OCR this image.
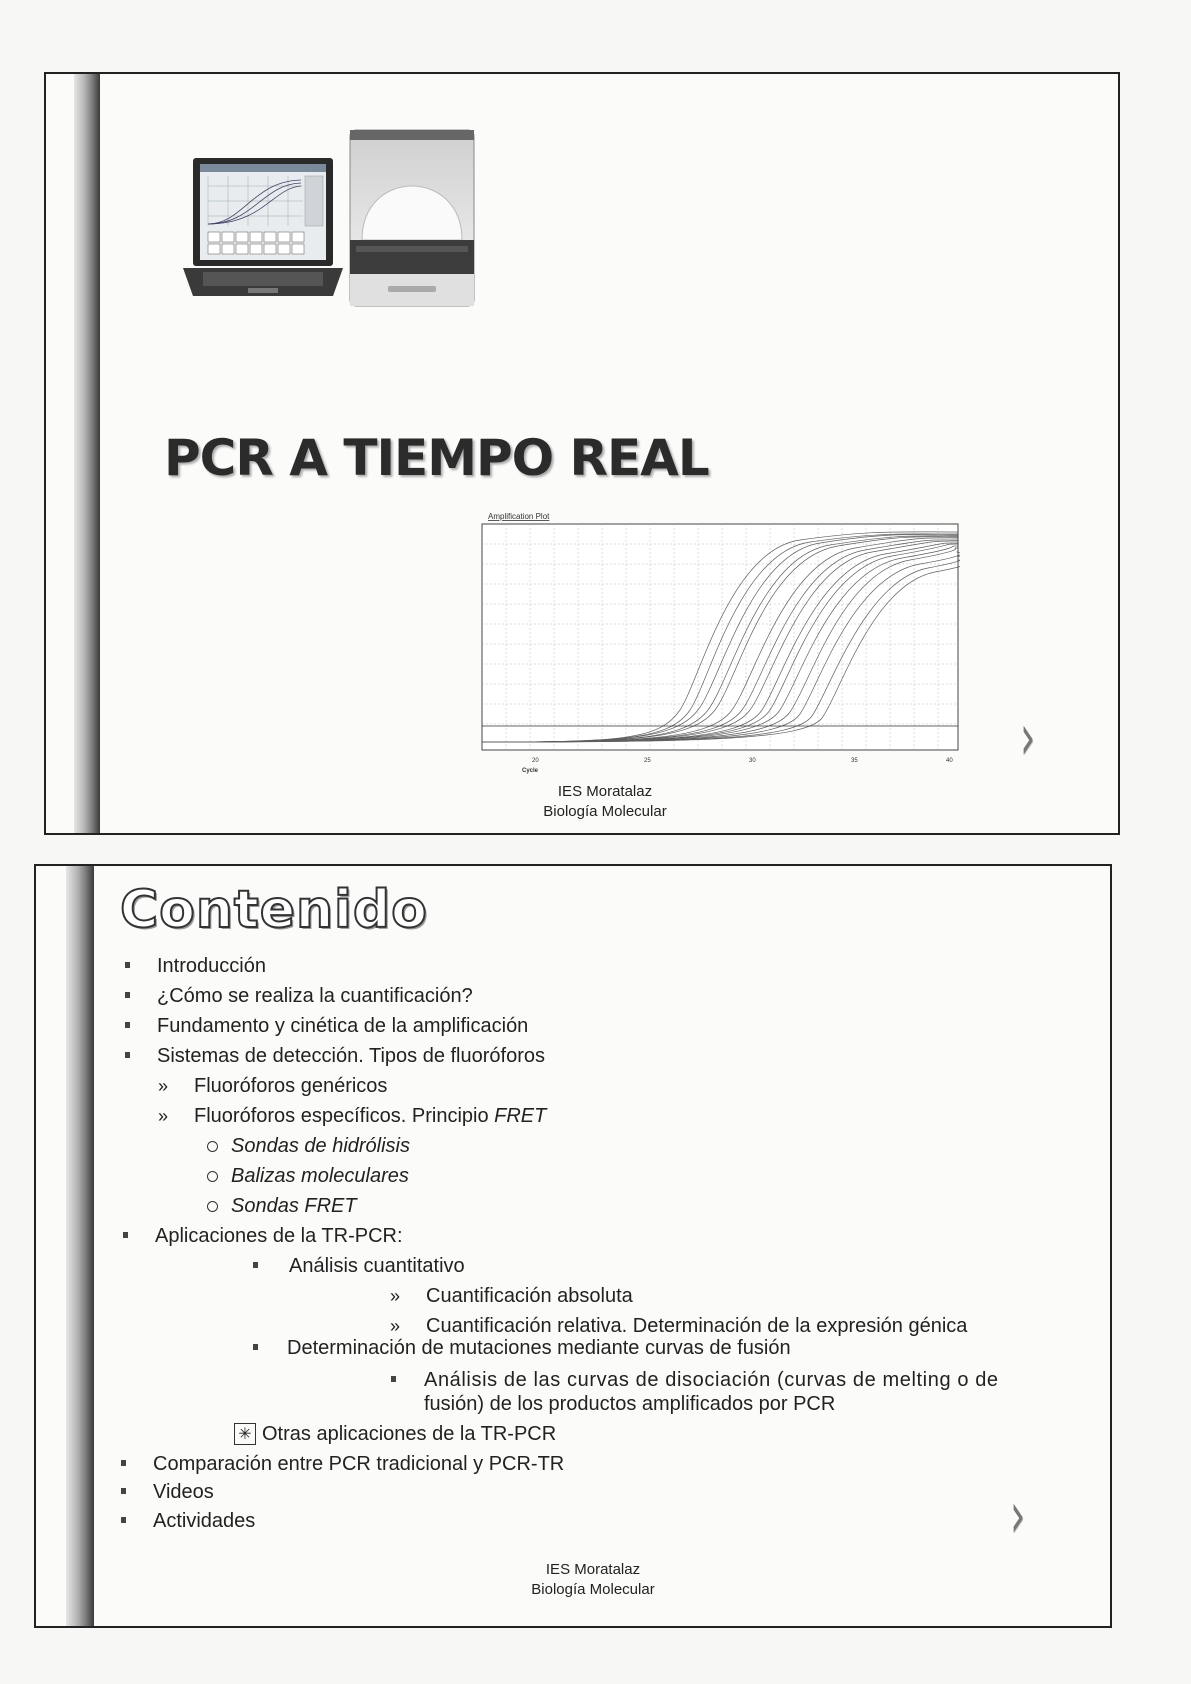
PCR A TIEMPO REAL
Amplification Plot
20	25	30	35	40
Cycle	›
IES Moratalaz
Biología Molecular
Contenido
Introducción
¿Cómo se realiza la cuantificación?
Fundamento y cinética de la amplificación
Sistemas de detección. Tipos de fluoróforos
» Fluoróforos genéricos
» Fluoróforos específicos. Principio FRET
Sondas de hidrólisis
Balizas moleculares
Sondas FRET
Aplicaciones de la TR-PCR:
Análisis cuantitativo
» Cuantificación absoluta
» Cuantificación relativa. Determinación de la expresión génica
Determinación de mutaciones mediante curvas de fusión
Análisis de las curvas de disociación (curvas de melting o de
fusión) de los productos amplificados por PCR
✳ Otras aplicaciones de la TR-PCR
Comparación entre PCR tradicional y PCR-TR
Videos
Actividades	›
IES Moratalaz
Biología Molecular
